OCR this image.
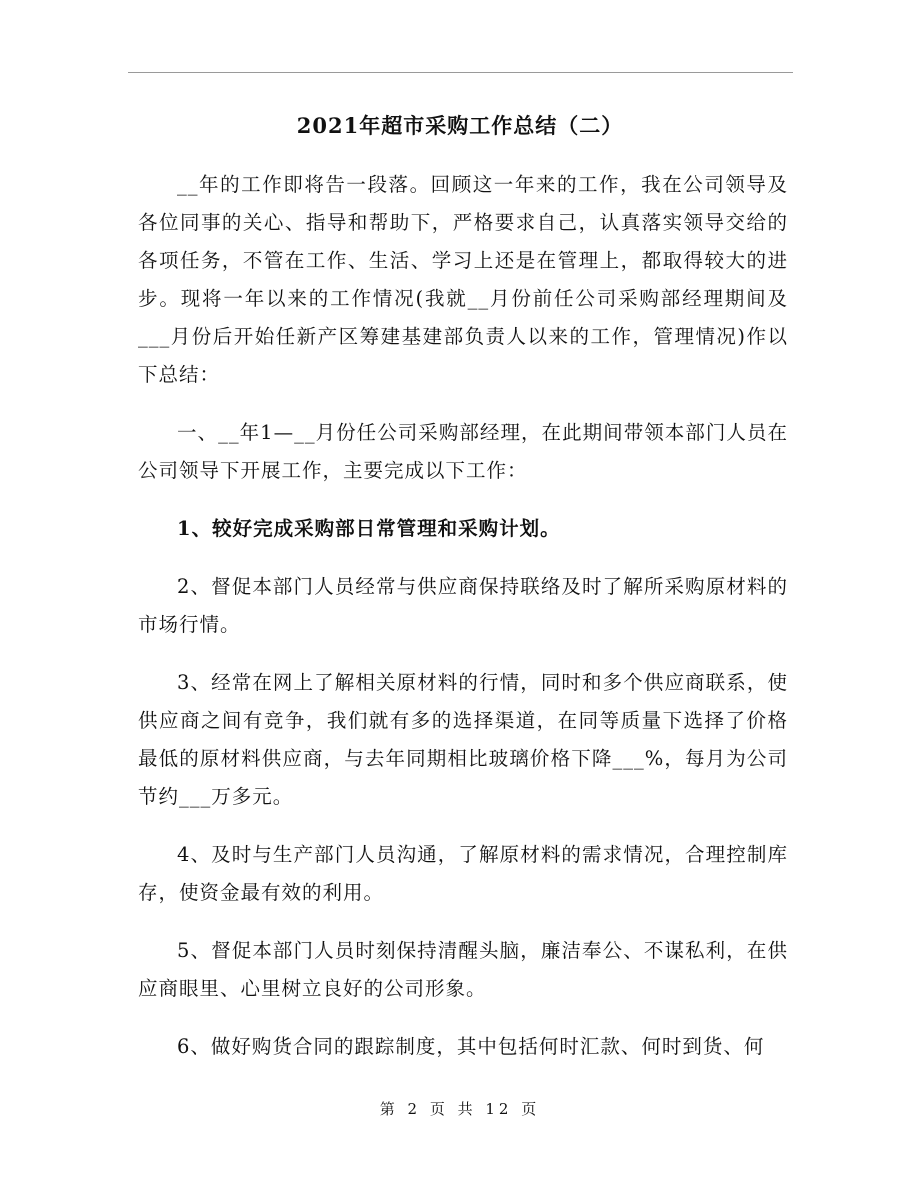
2021年超市采购工作总结（二）

__年的工作即将告一段落。回顾这一年来的工作，我在公司领导及各位同事的关心、指导和帮助下，严格要求自己，认真落实领导交给的各项任务，不管在工作、生活、学习上还是在管理上，都取得较大的进步。现将一年以来的工作情况(我就__月份前任公司采购部经理期间及___月份后开始任新产区筹建基建部负责人以来的工作，管理情况)作以下总结：

一、__年1—__月份任公司采购部经理，在此期间带领本部门人员在公司领导下开展工作，主要完成以下工作：

1、较好完成采购部日常管理和采购计划。

2、督促本部门人员经常与供应商保持联络及时了解所采购原材料的市场行情。

3、经常在网上了解相关原材料的行情，同时和多个供应商联系，使供应商之间有竞争，我们就有多的选择渠道，在同等质量下选择了价格最低的原材料供应商，与去年同期相比玻璃价格下降___%，每月为公司节约___万多元。

4、及时与生产部门人员沟通，了解原材料的需求情况，合理控制库存，使资金最有效的利用。

5、督促本部门人员时刻保持清醒头脑，廉洁奉公、不谋私利，在供应商眼里、心里树立良好的公司形象。

6、做好购货合同的跟踪制度，其中包括何时汇款、何时到货、何

第 2 页 共 12 页
